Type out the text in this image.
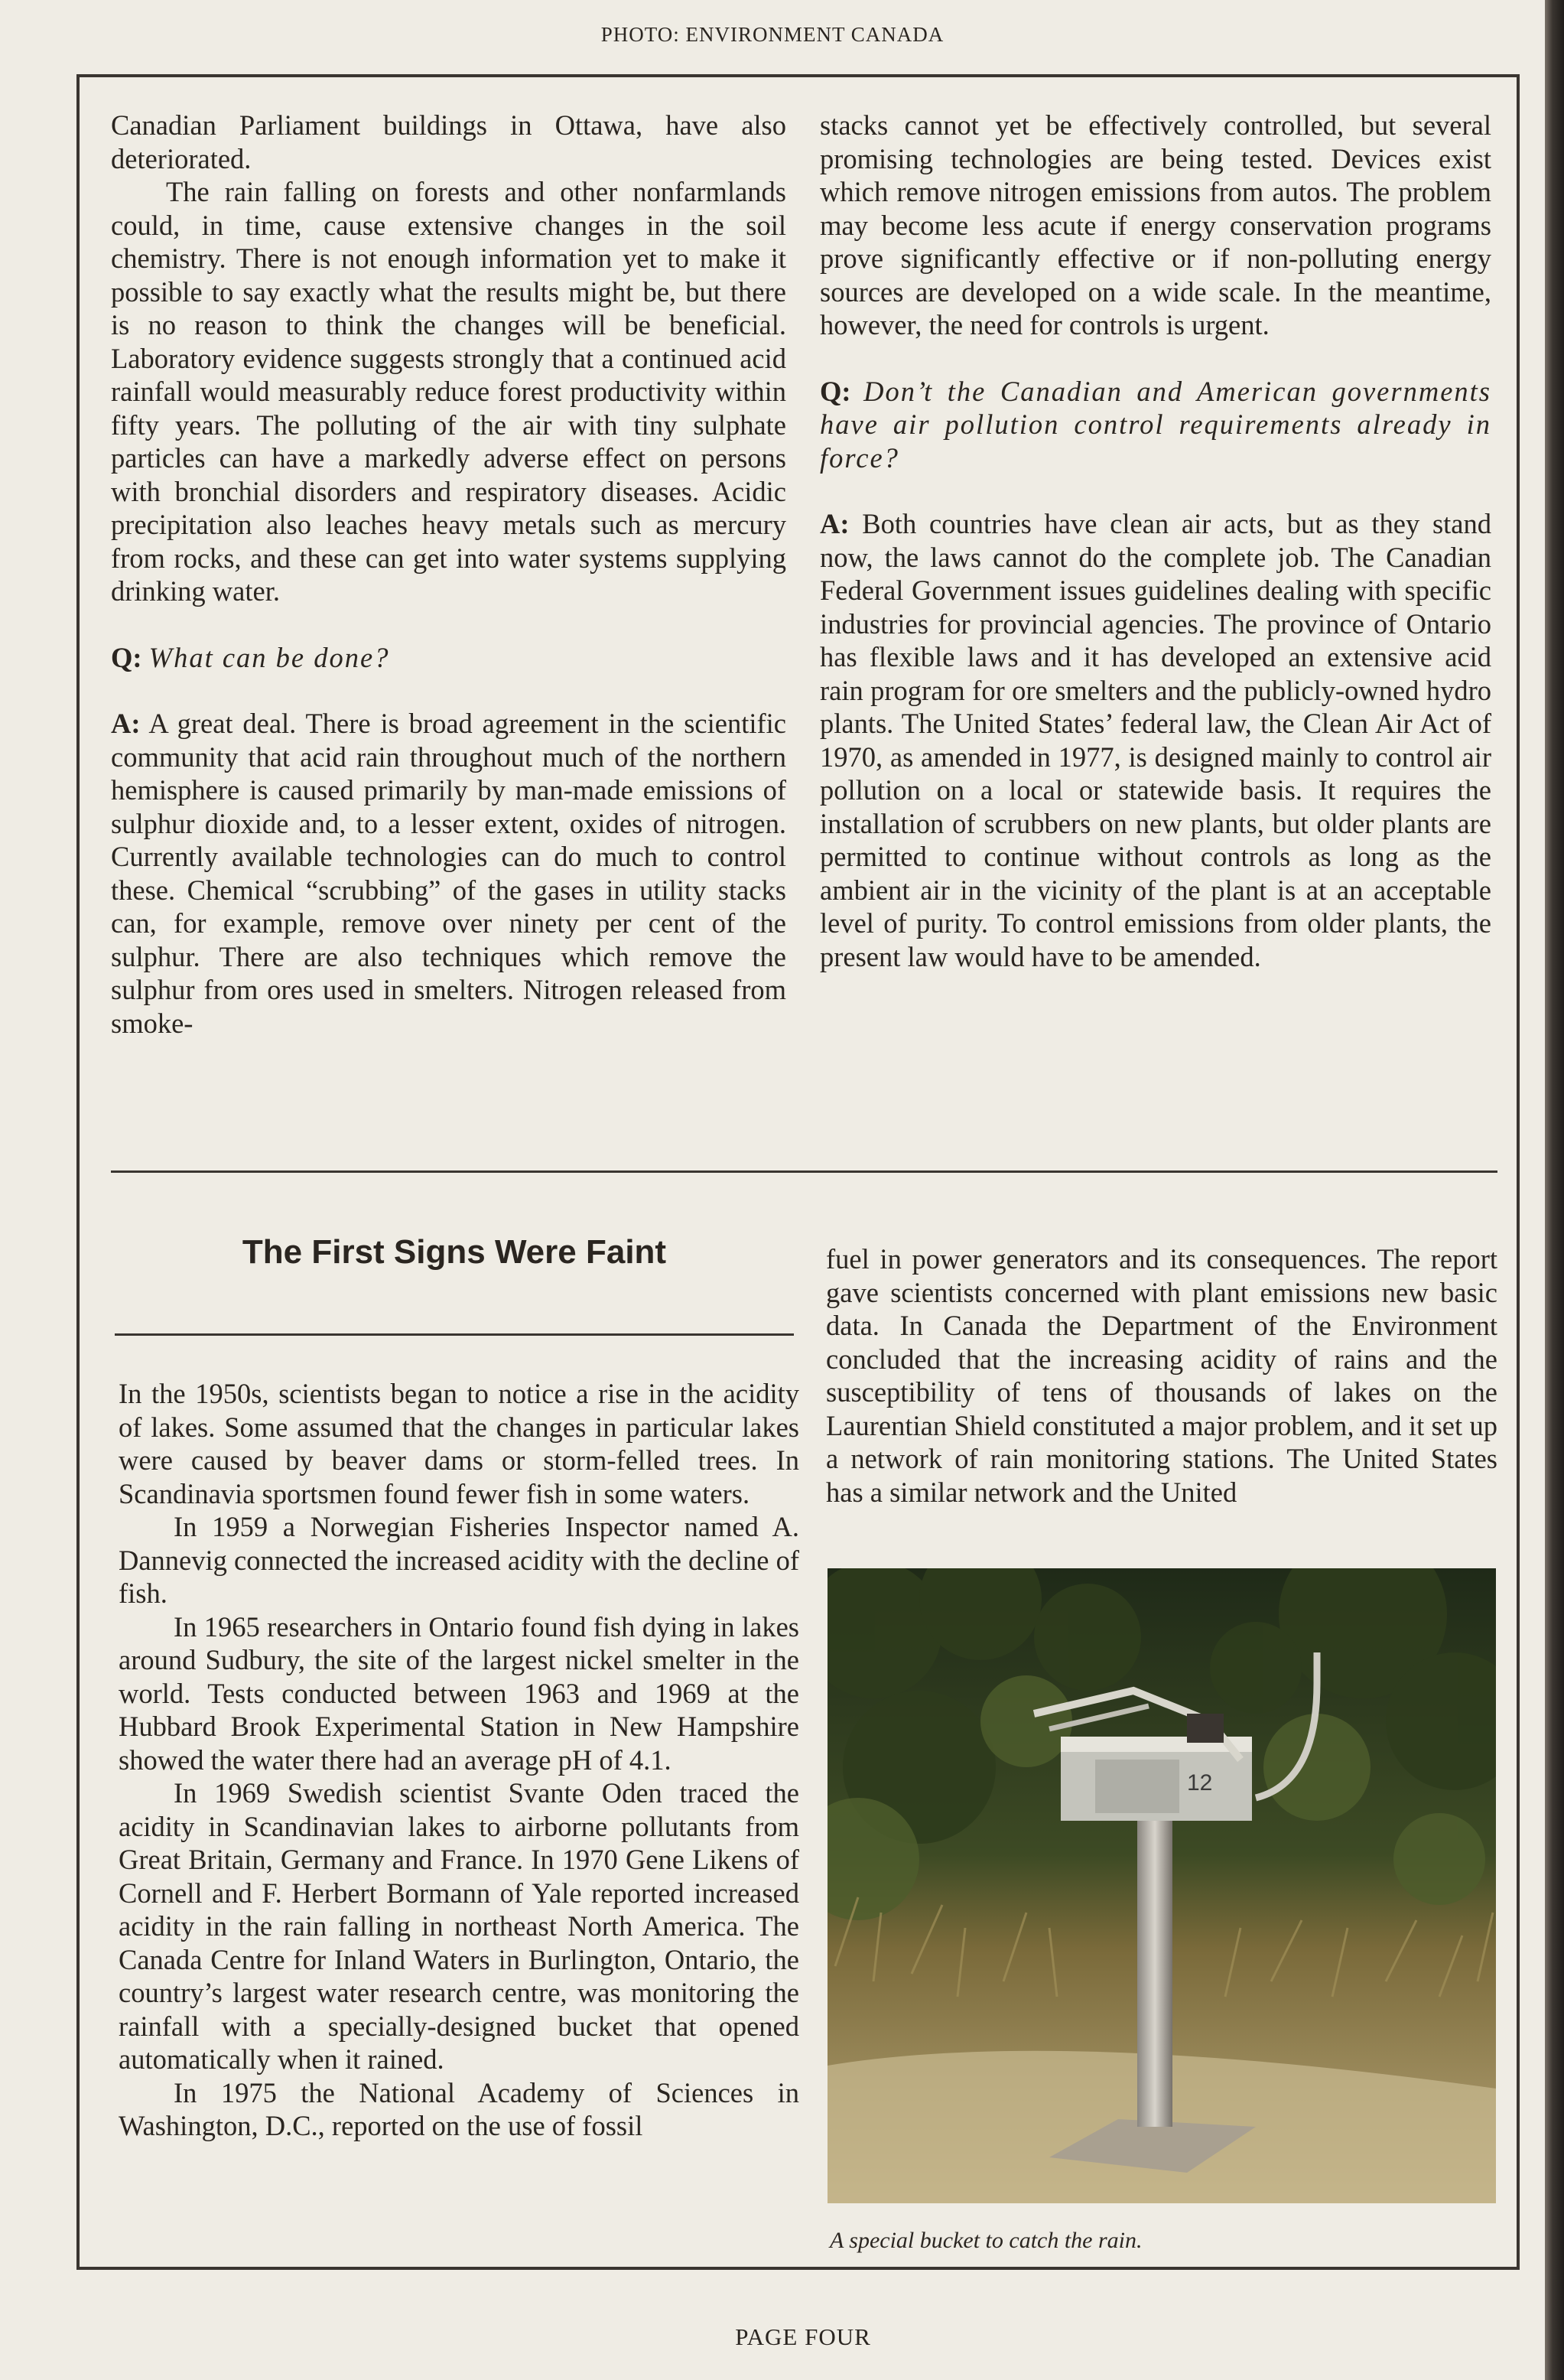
PHOTO: ENVIRONMENT CANADA

Canadian Parliament buildings in Ottawa, have also deteriorated.

The rain falling on forests and other nonfarmlands could, in time, cause extensive changes in the soil chemistry. There is not enough information yet to make it possible to say exactly what the results might be, but there is no reason to think the changes will be beneficial. Laboratory evidence suggests strongly that a continued acid rainfall would measurably reduce forest productivity within fifty years. The polluting of the air with tiny sulphate particles can have a markedly adverse effect on persons with bronchial disorders and respiratory diseases. Acidic precipitation also leaches heavy metals such as mercury from rocks, and these can get into water systems supplying drinking water.

Q: What can be done?

A: A great deal. There is broad agreement in the scientific community that acid rain throughout much of the northern hemisphere is caused primarily by man-made emissions of sulphur dioxide and, to a lesser extent, oxides of nitrogen. Currently available technologies can do much to control these. Chemical “scrubbing” of the gases in utility stacks can, for example, remove over ninety per cent of the sulphur. There are also techniques which remove the sulphur from ores used in smelters. Nitrogen released from smoke-

stacks cannot yet be effectively controlled, but several promising technologies are being tested. Devices exist which remove nitrogen emissions from autos. The problem may become less acute if energy conservation programs prove significantly effective or if non-polluting energy sources are developed on a wide scale. In the meantime, however, the need for controls is urgent.

Q: Don’t the Canadian and American governments have air pollution control requirements already in force?

A: Both countries have clean air acts, but as they stand now, the laws cannot do the complete job. The Canadian Federal Government issues guidelines dealing with specific industries for provincial agencies. The province of Ontario has flexible laws and it has developed an extensive acid rain program for ore smelters and the publicly-owned hydro plants. The United States’ federal law, the Clean Air Act of 1970, as amended in 1977, is designed mainly to control air pollution on a local or statewide basis. It requires the installation of scrubbers on new plants, but older plants are permitted to continue without controls as long as the ambient air in the vicinity of the plant is at an acceptable level of purity. To control emissions from older plants, the present law would have to be amended.

The First Signs Were Faint

In the 1950s, scientists began to notice a rise in the acidity of lakes. Some assumed that the changes in particular lakes were caused by beaver dams or storm-felled trees. In Scandinavia sportsmen found fewer fish in some waters.

In 1959 a Norwegian Fisheries Inspector named A. Dannevig connected the increased acidity with the decline of fish.

In 1965 researchers in Ontario found fish dying in lakes around Sudbury, the site of the largest nickel smelter in the world. Tests conducted between 1963 and 1969 at the Hubbard Brook Experimental Station in New Hampshire showed the water there had an average pH of 4.1.

In 1969 Swedish scientist Svante Oden traced the acidity in Scandinavian lakes to airborne pollutants from Great Britain, Germany and France. In 1970 Gene Likens of Cornell and F. Herbert Bormann of Yale reported increased acidity in the rain falling in northeast North America. The Canada Centre for Inland Waters in Burlington, Ontario, the country’s largest water research centre, was monitoring the rainfall with a specially-designed bucket that opened automatically when it rained.

In 1975 the National Academy of Sciences in Washington, D.C., reported on the use of fossil

fuel in power generators and its consequences. The report gave scientists concerned with plant emissions new basic data. In Canada the Department of the Environment concluded that the increasing acidity of rains and the susceptibility of tens of thousands of lakes on the Laurentian Shield constituted a major problem, and it set up a network of rain monitoring stations. The United States has a similar network and the United

12
A special bucket to catch the rain.
PAGE FOUR
